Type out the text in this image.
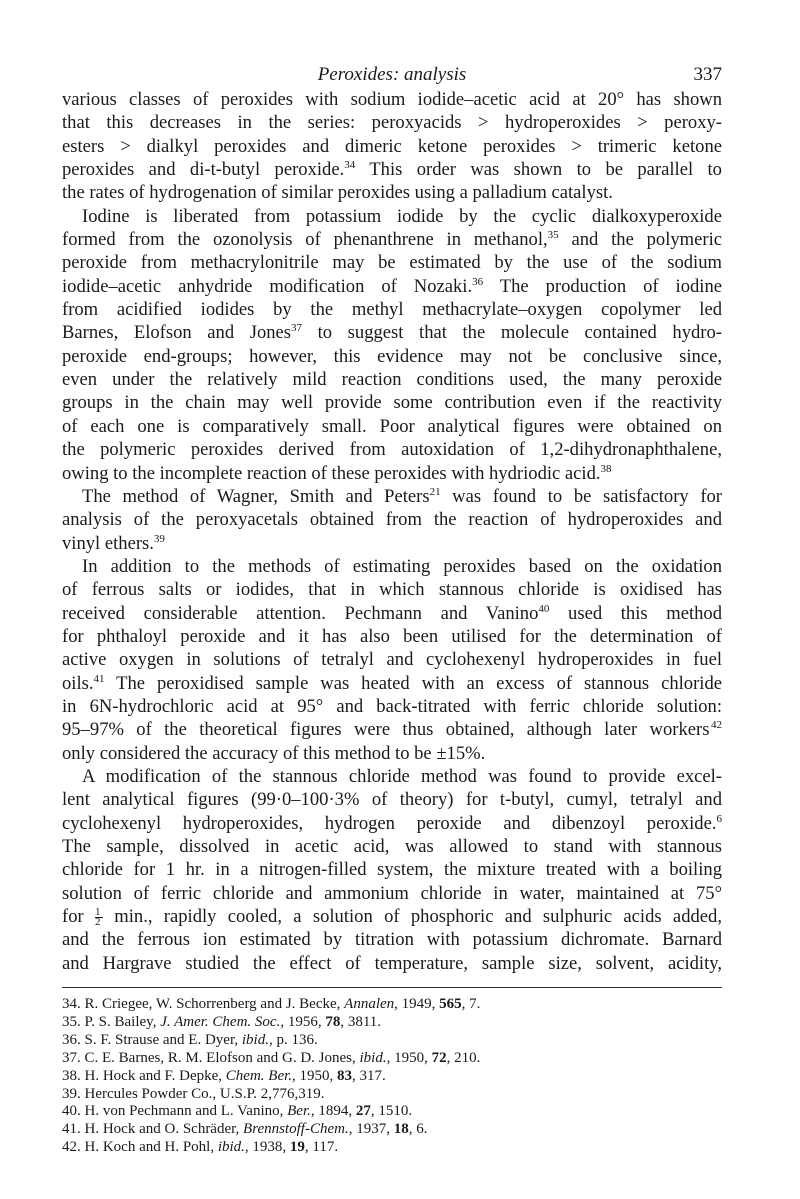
Peroxides: analysis	337

various classes of peroxides with sodium iodide–acetic acid at 20° has shown
that this decreases in the series: peroxyacids > hydroperoxides > peroxy-
esters > dialkyl peroxides and dimeric ketone peroxides > trimeric ketone
peroxides and di-t-butyl peroxide.$^{34}$ This order was shown to be parallel to
the rates of hydrogenation of similar peroxides using a palladium catalyst.

Iodine is liberated from potassium iodide by the cyclic dialkoxyperoxide
formed from the ozonolysis of phenanthrene in methanol,$^{35}$ and the polymeric
peroxide from methacrylonitrile may be estimated by the use of the sodium
iodide–acetic anhydride modification of Nozaki.$^{36}$ The production of iodine
from acidified iodides by the methyl methacrylate–oxygen copolymer led
Barnes, Elofson and Jones$^{37}$ to suggest that the molecule contained hydro-
peroxide end-groups; however, this evidence may not be conclusive since,
even under the relatively mild reaction conditions used, the many peroxide
groups in the chain may well provide some contribution even if the reactivity
of each one is comparatively small. Poor analytical figures were obtained on
the polymeric peroxides derived from autoxidation of 1,2-dihydronaphthalene,
owing to the incomplete reaction of these peroxides with hydriodic acid.$^{38}$

The method of Wagner, Smith and Peters$^{21}$ was found to be satisfactory for
analysis of the peroxyacetals obtained from the reaction of hydroperoxides and
vinyl ethers.$^{39}$

In addition to the methods of estimating peroxides based on the oxidation
of ferrous salts or iodides, that in which stannous chloride is oxidised has
received considerable attention. Pechmann and Vanino$^{40}$ used this method
for phthaloyl peroxide and it has also been utilised for the determination of
active oxygen in solutions of tetralyl and cyclohexenyl hydroperoxides in fuel
oils.$^{41}$ The peroxidised sample was heated with an excess of stannous chloride
in 6N-hydrochloric acid at 95° and back-titrated with ferric chloride solution:
95–97% of the theoretical figures were thus obtained, although later workers  $^{42}$
only considered the accuracy of this method to be ±15%.

A modification of the stannous chloride method was found to provide excel-
lent analytical figures (99·0–100·3% of theory) for t-butyl, cumyl, tetralyl and
cyclohexenyl hydroperoxides, hydrogen peroxide and dibenzoyl peroxide.$^6$
The sample, dissolved in acetic acid, was allowed to stand with stannous
chloride for 1 hr. in a nitrogen-filled system, the mixture treated with a boiling
solution of ferric chloride and ammonium chloride in water, maintained at 75°
for $\frac{1}{2} \min$., rapidly cooled, a solution of phosphoric and sulphuric acids added,
and the ferrous ion estimated by titration with potassium dichromate. Barnard
and Hargrave studied the effect of temperature, sample size, solvent, acidity,

34. R. Criegee, W. Schorrenberg and J. Becke, Annalen, 1949, 565, 7.
35. P. S. Bailey, J. Amer. Chem. Soc., 1956, 78, 3811.
36. S. F. Strause and E. Dyer, ibid., p. 136.
37. C. E. Barnes, R. M. Elofson and G. D. Jones, ibid., 1950, 72, 210.
38. H. Hock and F. Depke, Chem. Ber., 1950, 83, 317.
39. Hercules Powder Co., U.S.P. 2,776,319.
40. H. von Pechmann and L. Vanino, Ber., 1894, 27, 1510.
41. H. Hock and O. Schräder, Brennstoff-Chem., 1937, 18, 6.
42. H. Koch and H. Pohl, ibid., 1938, 19, 117.
